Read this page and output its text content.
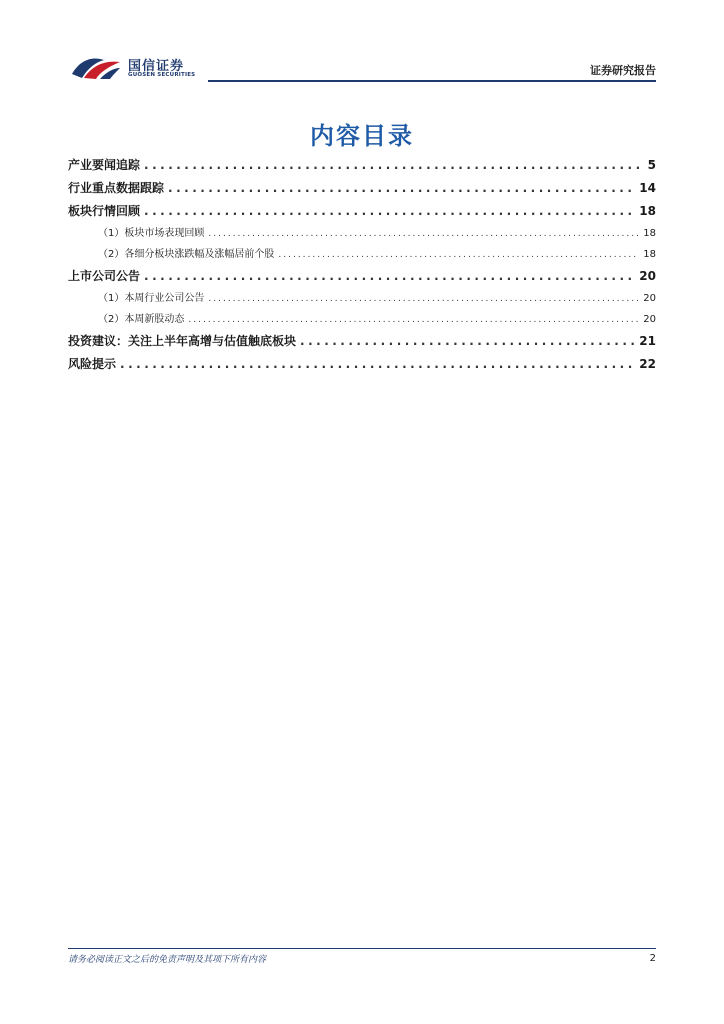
国信证券
GUOSEN SECURITIES	证券研究报告
内容目录
产业要闻追踪 .....	5
行业重点数据跟踪 .....	14
板块行情回顾 .....	18
（1）板块市场表现回顾 .....	18
（2）各细分板块涨跌幅及涨幅居前个股 .....	18
上市公司公告 .....	20
（1）本周行业公司公告 .....	20
（2）本周新股动态 .....	20
投资建议：关注上半年高增与估值触底板块 .....	21
风险提示 .....	22
请务必阅读正文之后的免责声明及其项下所有内容	2
